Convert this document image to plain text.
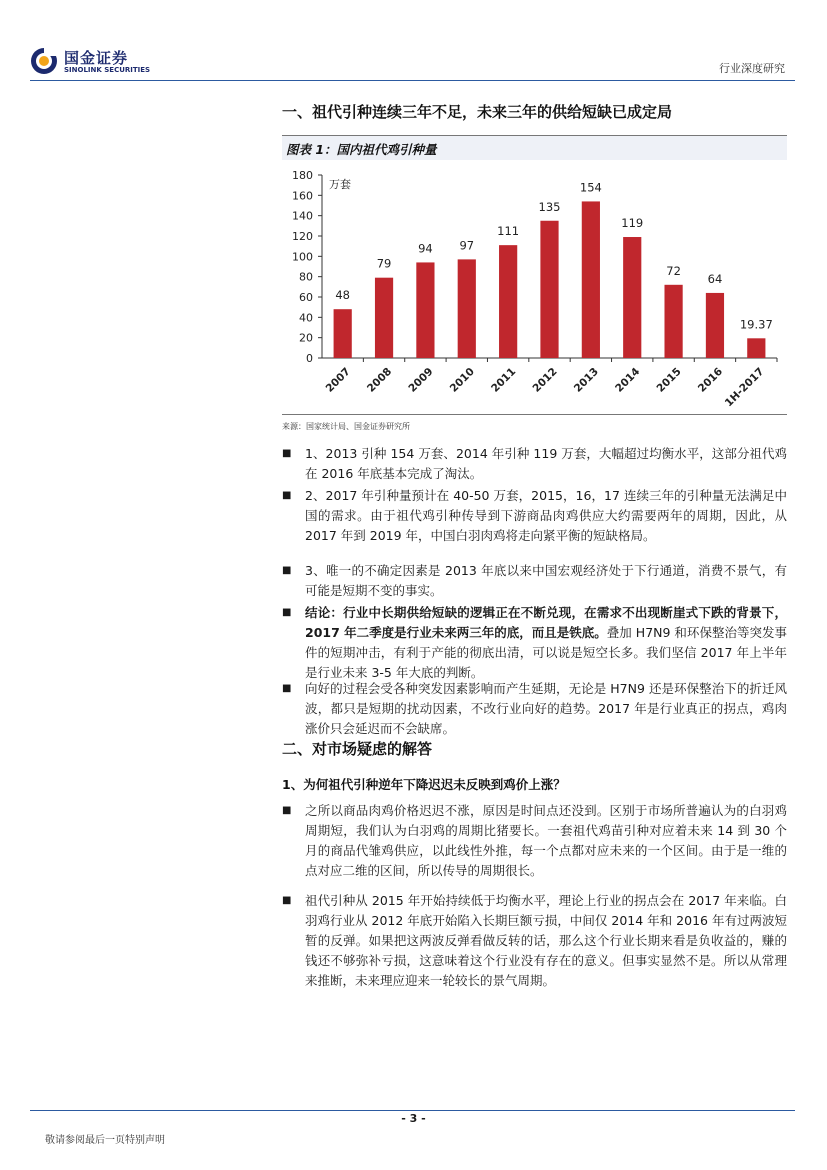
国金证券
SINOLINK SECURITIES	行业深度研究
一、祖代引种连续三年不足，未来三年的供给短缺已成定局
图表 1：国内祖代鸡引种量
0
20
40
60
80
100
120
140
160
180
2007 2008 2009 2010 2011 2012 2013 2014 2015 2016
1H-2017
48
79
94 97
111
135
154
119
72
64
19.37
万套
来源：国家统计局、国金证券研究所
■ 1、2013 引种 154 万套、2014 年引种 119 万套，大幅超过均衡水平，这部分祖代鸡在 2016 年底基本完成了淘汰。
■ 2、2017 年引种量预计在 40-50 万套，2015，16，17 连续三年的引种量无法满足中国的需求。由于祖代鸡引种传导到下游商品肉鸡供应大约需要两年的周期，因此，从 2017 年到 2019 年，中国白羽肉鸡将走向紧平衡的短缺格局。
■ 3、唯一的不确定因素是 2013 年底以来中国宏观经济处于下行通道，消费不景气，有可能是短期不变的事实。
■ 结论：行业中长期供给短缺的逻辑正在不断兑现，在需求不出现断崖式下跌的背景下，2017 年二季度是行业未来两三年的底，而且是铁底。叠加 H7N9 和环保整治等突发事件的短期冲击，有利于产能的彻底出清，可以说是短空长多。我们坚信 2017 年上半年是行业未来 3-5 年大底的判断。
■ 向好的过程会受各种突发因素影响而产生延期，无论是 H7N9 还是环保整治下的折迁风波，都只是短期的扰动因素，不改行业向好的趋势。2017 年是行业真正的拐点，鸡肉涨价只会延迟而不会缺席。
二、对市场疑虑的解答
1、为何祖代引种逆年下降迟迟未反映到鸡价上涨？
■ 之所以商品肉鸡价格迟迟不涨，原因是时间点还没到。区别于市场所普遍认为的白羽鸡周期短，我们认为白羽鸡的周期比猪要长。一套祖代鸡苗引种对应着未来 14 到 30 个月的商品代雏鸡供应，以此线性外推，每一个点都对应未来的一个区间。由于是一维的点对应二维的区间，所以传导的周期很长。
■ 祖代引种从 2015 年开始持续低于均衡水平，理论上行业的拐点会在 2017 年来临。白羽鸡行业从 2012 年底开始陷入长期巨额亏损，中间仅 2014 年和 2016 年有过两波短暂的反弹。如果把这两波反弹看做反转的话，那么这个行业长期来看是负收益的，赚的钱还不够弥补亏损，这意味着这个行业没有存在的意义。但事实显然不是。所以从常理来推断，未来理应迎来一轮较长的景气周期。
- 3 -
敬请参阅最后一页特别声明
